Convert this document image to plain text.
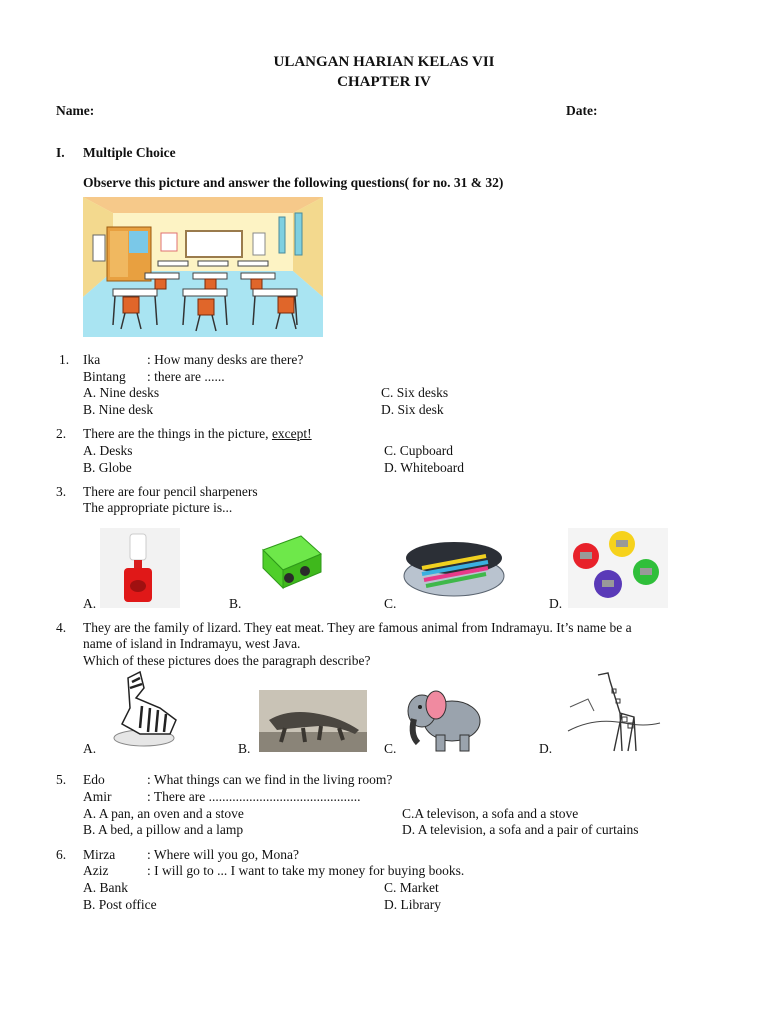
ULANGAN HARIAN KELAS VII
CHAPTER IV
Name:	Date:
I. Multiple Choice
Observe this picture and answer the following questions( for no. 31 & 32)
1. Ika	: How many desks are there?
Bintang : there are ......
A. Nine desks
B. Nine desk
C. Six desks
D. Six desk
2. There are the things in the picture, except!
A. Desks
B. Globe
C. Cupboard
D. Whiteboard
3. There are four pencil sharpeners
The appropriate picture is...
A.	B.	C.	D.
4. They are the family of lizard. They eat meat. They are famous animal from Indramayu. It’s name be a
name of island in Indramayu, west Java.
Which of these pictures does the paragraph describe?
A.	B.	C.	D.
5. Edo	: What things can we find in the living room?
Amir	: There are .............................................
A. A pan, an oven and a stove
B. A bed, a pillow and a lamp
C.A televison, a sofa and a stove
D. A television, a sofa and a pair of curtains
6. Mirza : Where will you go, Mona?
Aziz	: I will go to ... I want to take my money for buying books.
A. Bank
B. Post office
C. Market
D. Library
